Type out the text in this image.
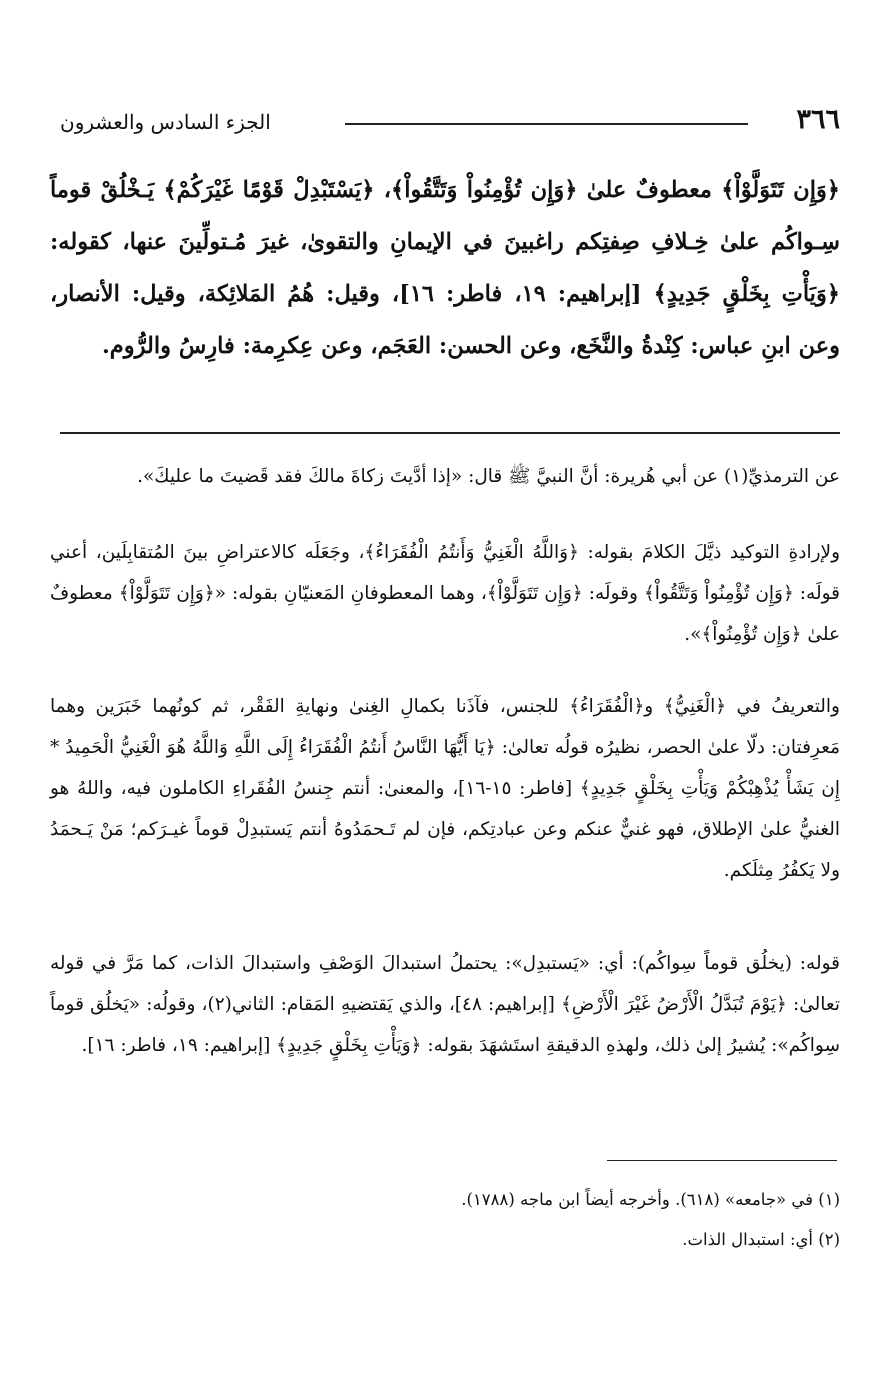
٣٦٦
الجزء السادس والعشرون

﴿وَإِن تَتَوَلَّوْاْ﴾ معطوفٌ علىٰ ﴿وَإِن تُؤْمِنُواْ وَتَتَّقُواْ﴾، ﴿يَسْتَبْدِلْ قَوْمًا غَيْرَكُمْ﴾ يَـخْلُقْ قوماً سِـواكُم علىٰ خِـلافِ صِفتِكم راغبينَ في الإيمانِ والتقوىٰ، غيرَ مُـتولِّينَ عنها، كقوله: ﴿وَيَأْتِ بِخَلْقٍ جَدِيدٍ﴾ [إبراهيم: ١٩، فاطر: ١٦]، وقيل: هُمُ المَلائِكة، وقيل: الأنصار، وعن ابنِ عباس: كِنْدةُ والنَّخَع، وعن الحسن: العَجَم، وعن عِكرِمة: فارِسُ والرُّوم.

عن الترمذيِّ(١) عن أبي هُريرة: أنَّ النبيَّ ﷺ قال: «إذا أدَّيتَ زكاةَ مالكَ فقد قَضيتَ ما عليكَ».

ولإرادةِ التوكيد ذيَّلَ الكلامَ بقوله: ﴿وَاللَّهُ الْغَنِيُّ وَأَنتُمُ الْفُقَرَاءُ﴾، وجَعَلَه كالاعتراضِ بينَ المُتقابِلَين، أعني قولَه: ﴿وَإِن تُؤْمِنُواْ وَتَتَّقُواْ﴾ وقولَه: ﴿وَإِن تَتَوَلَّوْاْ﴾، وهما المعطوفانِ المَعنيّانِ بقوله: «﴿وَإِن تَتَوَلَّوْاْ﴾ معطوفٌ علىٰ ﴿وَإِن تُؤْمِنُواْ﴾».

والتعريفُ في ﴿الْغَنِيُّ﴾ و﴿الْفُقَرَاءُ﴾ للجنس، فآذَنا بكمالِ الغِنىٰ ونهايةِ الفَقْر، ثم كونُهما خَبَرَين وهما مَعرِفتان: دلّا علىٰ الحصر، نظيرُه قولُه تعالىٰ: ﴿يَا أَيُّهَا النَّاسُ أَنتُمُ الْفُقَرَاءُ إِلَى اللَّهِ وَاللَّهُ هُوَ الْغَنِيُّ الْحَمِيدُ * إِن يَشَأْ يُذْهِبْكُمْ وَيَأْتِ بِخَلْقٍ جَدِيدٍ﴾ [فاطر: ١٥-١٦]، والمعنىٰ: أنتم جِنسُ الفُقَراءِ الكاملون فيه، واللهُ هو الغنيُّ علىٰ الإطلاق، فهو غنيٌّ عنكم وعن عبادتِكم، فإن لم تَـحمَدُوهُ أنتم يَستبدِلْ قوماً غيـرَكم؛ مَنْ يَـحمَدُ ولا يَكفُرُ مِثلَكم.

قوله: (يخلُق قوماً سِواكُم): أي: «يَستبدِل»: يحتملُ استبدالَ الوَصْفِ واستبدالَ الذات، كما مَرَّ في قوله تعالىٰ: ﴿يَوْمَ تُبَدَّلُ الْأَرْضُ غَيْرَ الْأَرْضِ﴾ [إبراهيم: ٤٨]، والذي يَقتضيهِ المَقام: الثاني(٢)، وقولُه: «يَخلُق قوماً سِواكُم»: يُشيرُ إلىٰ ذلك، ولهذهِ الدقيقةِ استَشهَدَ بقوله: ﴿وَيَأْتِ بِخَلْقٍ جَدِيدٍ﴾ [إبراهيم: ١٩، فاطر: ١٦].

(١) في «جامعه» (٦١٨). وأخرجه أيضاً ابن ماجه (١٧٨٨).

(٢) أي: استبدال الذات.
